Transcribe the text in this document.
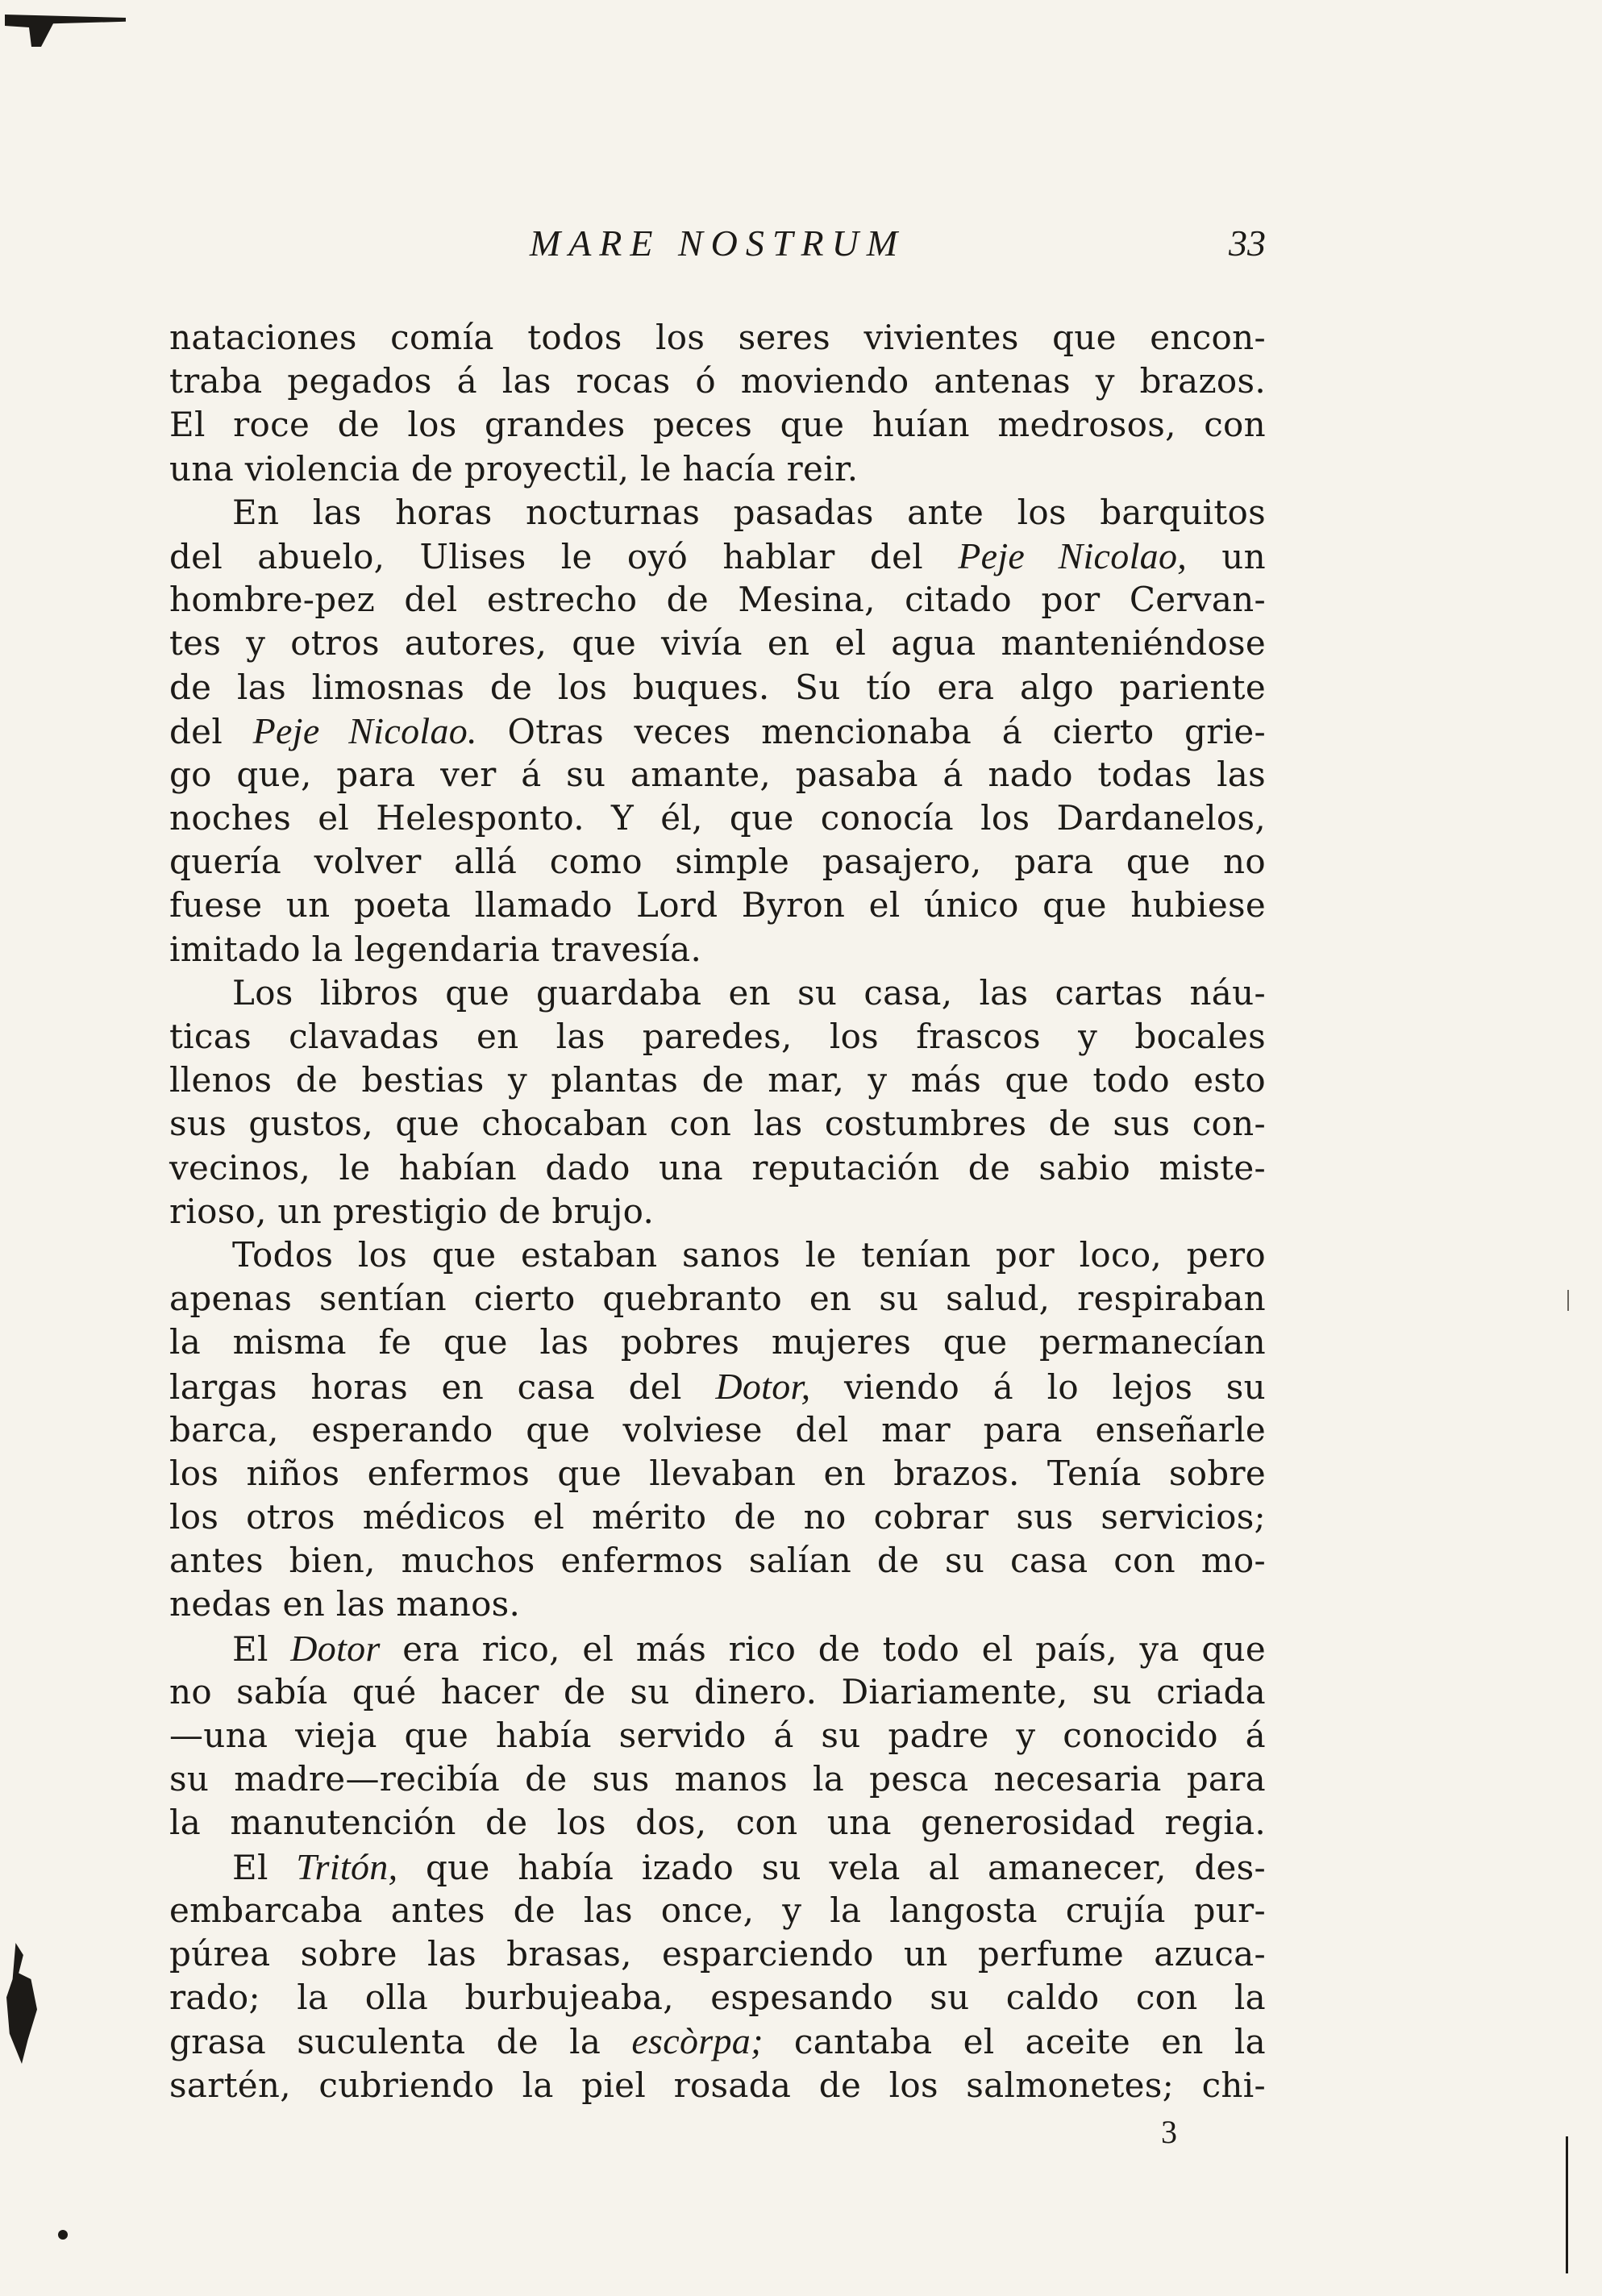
MARE NOSTRUM	33
nataciones comía todos los seres vivientes que encon-
traba pegados á las rocas ó moviendo antenas y brazos.
El roce de los grandes peces que huían medrosos, con
una violencia de proyectil, le hacía reir.
En las horas nocturnas pasadas ante los barquitos
del abuelo, Ulises le oyó hablar del Peje Nicolao, un
hombre-pez del estrecho de Mesina, citado por Cervan-
tes y otros autores, que vivía en el agua manteniéndose
de las limosnas de los buques. Su tío era algo pariente
del Peje Nicolao. Otras veces mencionaba á cierto grie-
go que, para ver á su amante, pasaba á nado todas las
noches el Helesponto. Y él, que conocía los Dardanelos,
quería volver allá como simple pasajero, para que no
fuese un poeta llamado Lord Byron el único que hubiese
imitado la legendaria travesía.
Los libros que guardaba en su casa, las cartas náu-
ticas clavadas en las paredes, los frascos y bocales
llenos de bestias y plantas de mar, y más que todo esto
sus gustos, que chocaban con las costumbres de sus con-
vecinos, le habían dado una reputación de sabio miste-
rioso, un prestigio de brujo.
Todos los que estaban sanos le tenían por loco, pero
apenas sentían cierto quebranto en su salud, respiraban
la misma fe que las pobres mujeres que permanecían
largas horas en casa del Dotor, viendo á lo lejos su
barca, esperando que volviese del mar para enseñarle
los niños enfermos que llevaban en brazos. Tenía sobre
los otros médicos el mérito de no cobrar sus servicios;
antes bien, muchos enfermos salían de su casa con mo-
nedas en las manos.
El Dotor era rico, el más rico de todo el país, ya que
no sabía qué hacer de su dinero. Diariamente, su criada
—una vieja que había servido á su padre y conocido á
su madre—recibía de sus manos la pesca necesaria para
la manutención de los dos, con una generosidad regia.
El Tritón, que había izado su vela al amanecer, des-
embarcaba antes de las once, y la langosta crujía pur-
púrea sobre las brasas, esparciendo un perfume azuca-
rado; la olla burbujeaba, espesando su caldo con la
grasa suculenta de la escòrpa; cantaba el aceite en la
sartén, cubriendo la piel rosada de los salmonetes; chi-
3
